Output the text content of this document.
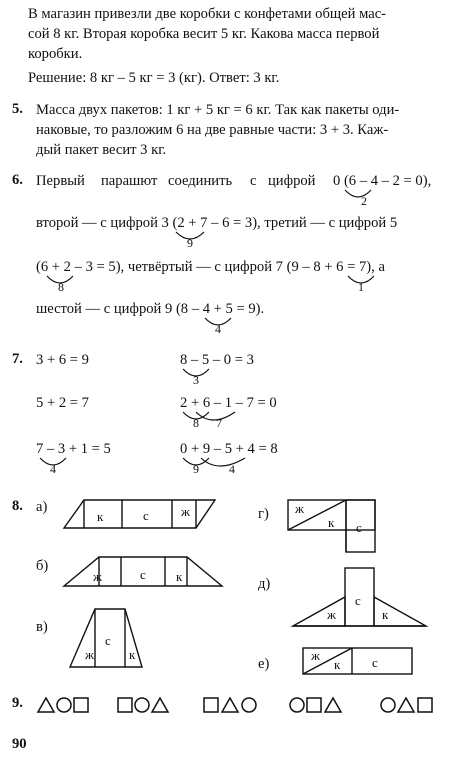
В магазин привезли две коробки с конфетами общей мас-
сой 8 кг. Вторая коробка весит 5 кг. Какова масса первой
коробки.
Решение: 8 кг – 5 кг = 3 (кг). Ответ: 3 кг.
5. Масса двух пакетов: 1 кг + 5 кг = 6 кг. Так как пакеты оди-
наковые, то разложим 6 на две равные части: 3 + 3. Каж-
дый пакет весит 3 кг.
6. Первый парашют соединить с цифрой 0 (6 – 4 – 2 = 0),
2
второй — с цифрой 3 (2 + 7 – 6 = 3), третий — с цифрой 5
9
(6 + 2 – 3 = 5), четвёртый — с цифрой 7 (9 – 8 + 6 = 7), а
8	1
шестой — с цифрой 9 (8 – 4 + 5 = 9).
4
7. 3 + 6 = 9
5 + 2 = 7
7 – 3 + 1 = 5
4
8 – 5 – 0 = 3
3
2 + 6 – 1 – 7 = 0
8 7
0 + 9 – 5 + 4 = 8
9	4
8. а)
б)
в)
г)
д)
е)
к	с ж
ж	с к
ж
с
к
ж
к с
с
ж	к
ж
к с
9.
90
